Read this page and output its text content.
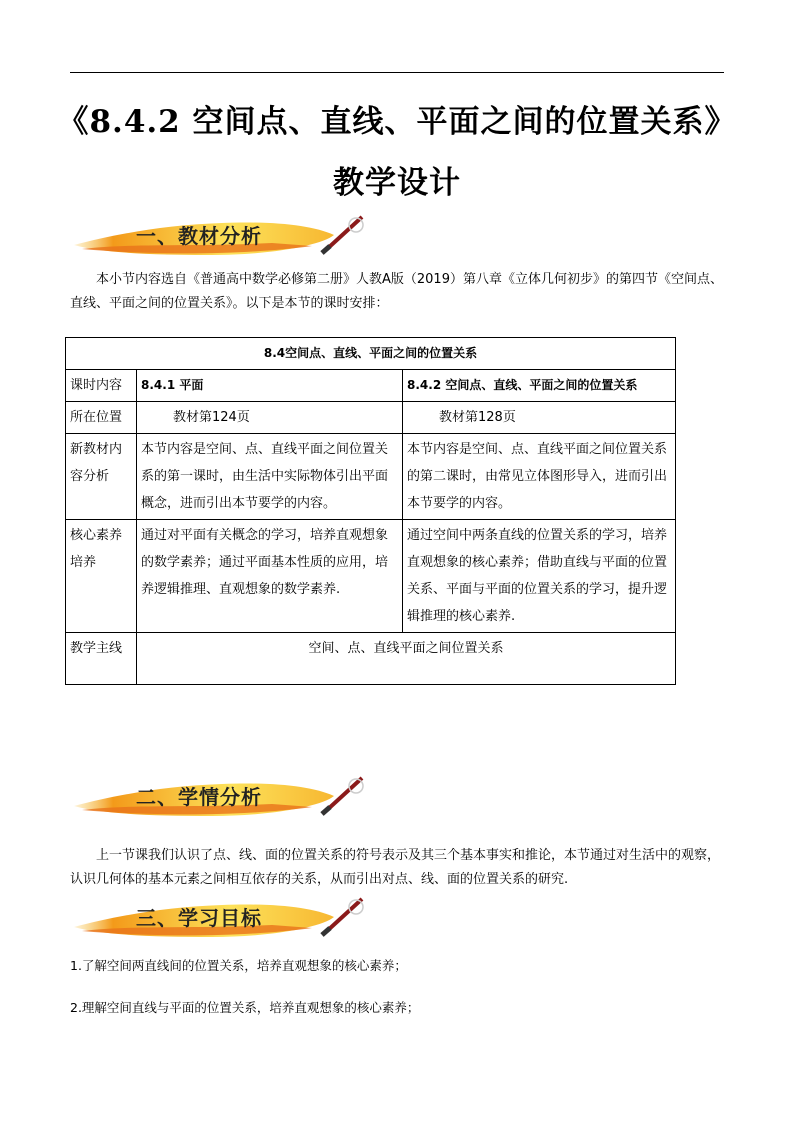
《8.4.2 空间点、直线、平面之间的位置关系》
教学设计
一、教材分析
本小节内容选自《普通高中数学必修第二册》人教A版（2019）第八章《立体几何初步》的第四节《空间点、直线、平面之间的位置关系》。以下是本节的课时安排：
8.4空间点、直线、平面之间的位置关系		
课时内容	8.4.1 平面	8.4.2 空间点、直线、平面之间的位置关系
所在位置	教材第124页	教材第128页
新教材内容分析	本节内容是空间、点、直线平面之间位置关系的第一课时，由生活中实际物体引出平面概念，进而引出本节要学的内容。	本节内容是空间、点、直线平面之间位置关系的第二课时，由常见立体图形导入，进而引出本节要学的内容。
核心素养培养	通过对平面有关概念的学习，培养直观想象的数学素养；通过平面基本性质的应用，培养逻辑推理、直观想象的数学素养.	通过空间中两条直线的位置关系的学习，培养直观想象的核心素养；借助直线与平面的位置关系、平面与平面的位置关系的学习，提升逻辑推理的核心素养.
教学主线	空间、点、直线平面之间位置关系	
二、学情分析
上一节课我们认识了点、线、面的位置关系的符号表示及其三个基本事实和推论，本节通过对生活中的观察，认识几何体的基本元素之间相互依存的关系，从而引出对点、线、面的位置关系的研究.
三、学习目标
1.了解空间两直线间的位置关系，培养直观想象的核心素养；
2.理解空间直线与平面的位置关系，培养直观想象的核心素养；
